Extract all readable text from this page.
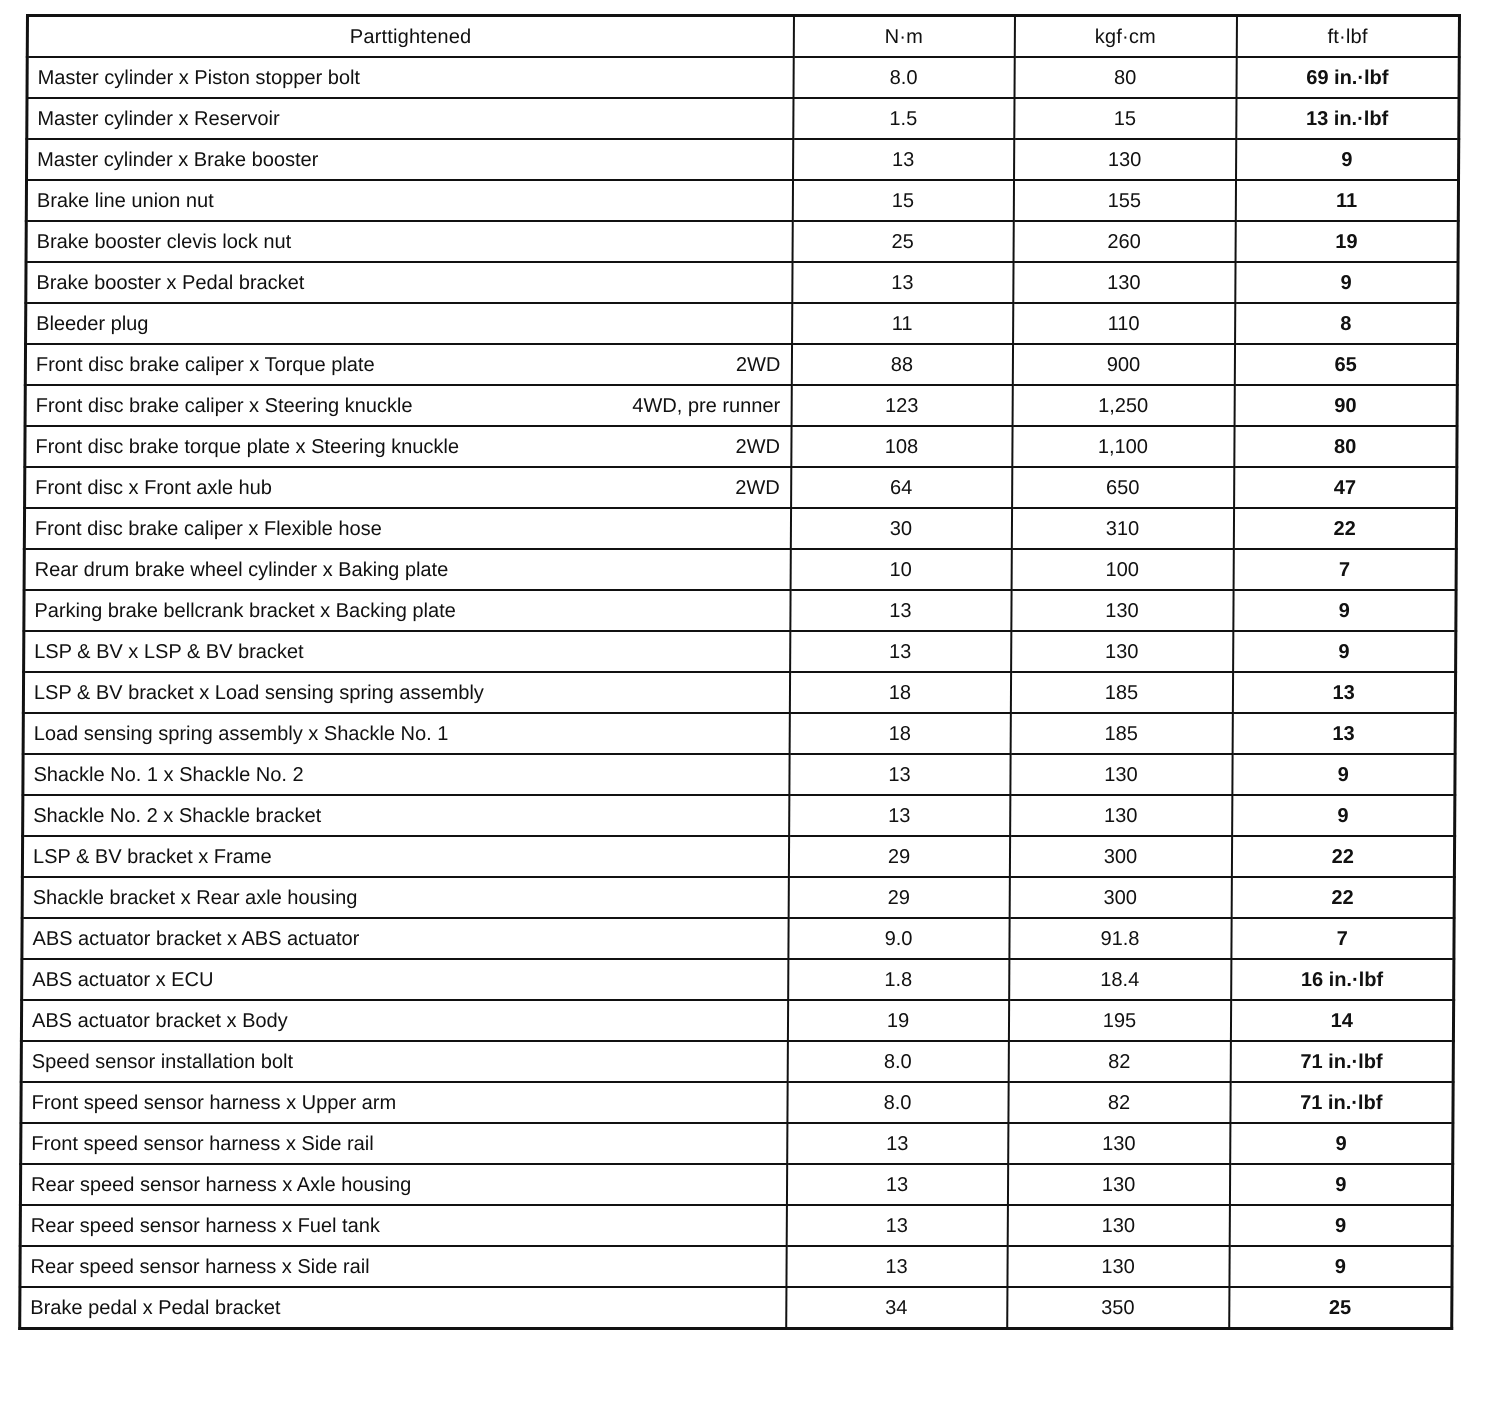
Parttightened	N·m	kgf·cm	ft·lbf

Master cylinder x Piston stopper bolt	8.0	80	69 in.·lbf

Master cylinder x Reservoir	1.5	15	13 in.·lbf

Master cylinder x Brake booster	13	130	9

Brake line union nut	15	155	11

Brake booster clevis lock nut	25	260	19

Brake booster x Pedal bracket	13	130	9

Bleeder plug	11	110	8

Front disc brake caliper x Torque plate 2WD	88	900	65

Front disc brake caliper x Steering knuckle 4WD, pre runner	123	1,250	90

Front disc brake torque plate x Steering knuckle 2WD	108	1,100	80

Front disc x Front axle hub 2WD	64	650	47

Front disc brake caliper x Flexible hose	30	310	22

Rear drum brake wheel cylinder x Baking plate	10	100	7

Parking brake bellcrank bracket x Backing plate	13	130	9

LSP & BV x LSP & BV bracket	13	130	9

LSP & BV bracket x Load sensing spring assembly	18	185	13

Load sensing spring assembly x Shackle No. 1	18	185	13

Shackle No. 1 x Shackle No. 2	13	130	9

Shackle No. 2 x Shackle bracket	13	130	9

LSP & BV bracket x Frame	29	300	22

Shackle bracket x Rear axle housing	29	300	22

ABS actuator bracket x ABS actuator	9.0	91.8	7

ABS actuator x ECU	1.8	18.4	16 in.·lbf

ABS actuator bracket x Body	19	195	14

Speed sensor installation bolt	8.0	82	71 in.·lbf

Front speed sensor harness x Upper arm	8.0	82	71 in.·lbf

Front speed sensor harness x Side rail	13	130	9

Rear speed sensor harness x Axle housing	13	130	9

Rear speed sensor harness x Fuel tank	13	130	9

Rear speed sensor harness x Side rail	13	130	9

Brake pedal x Pedal bracket	34	350	25
